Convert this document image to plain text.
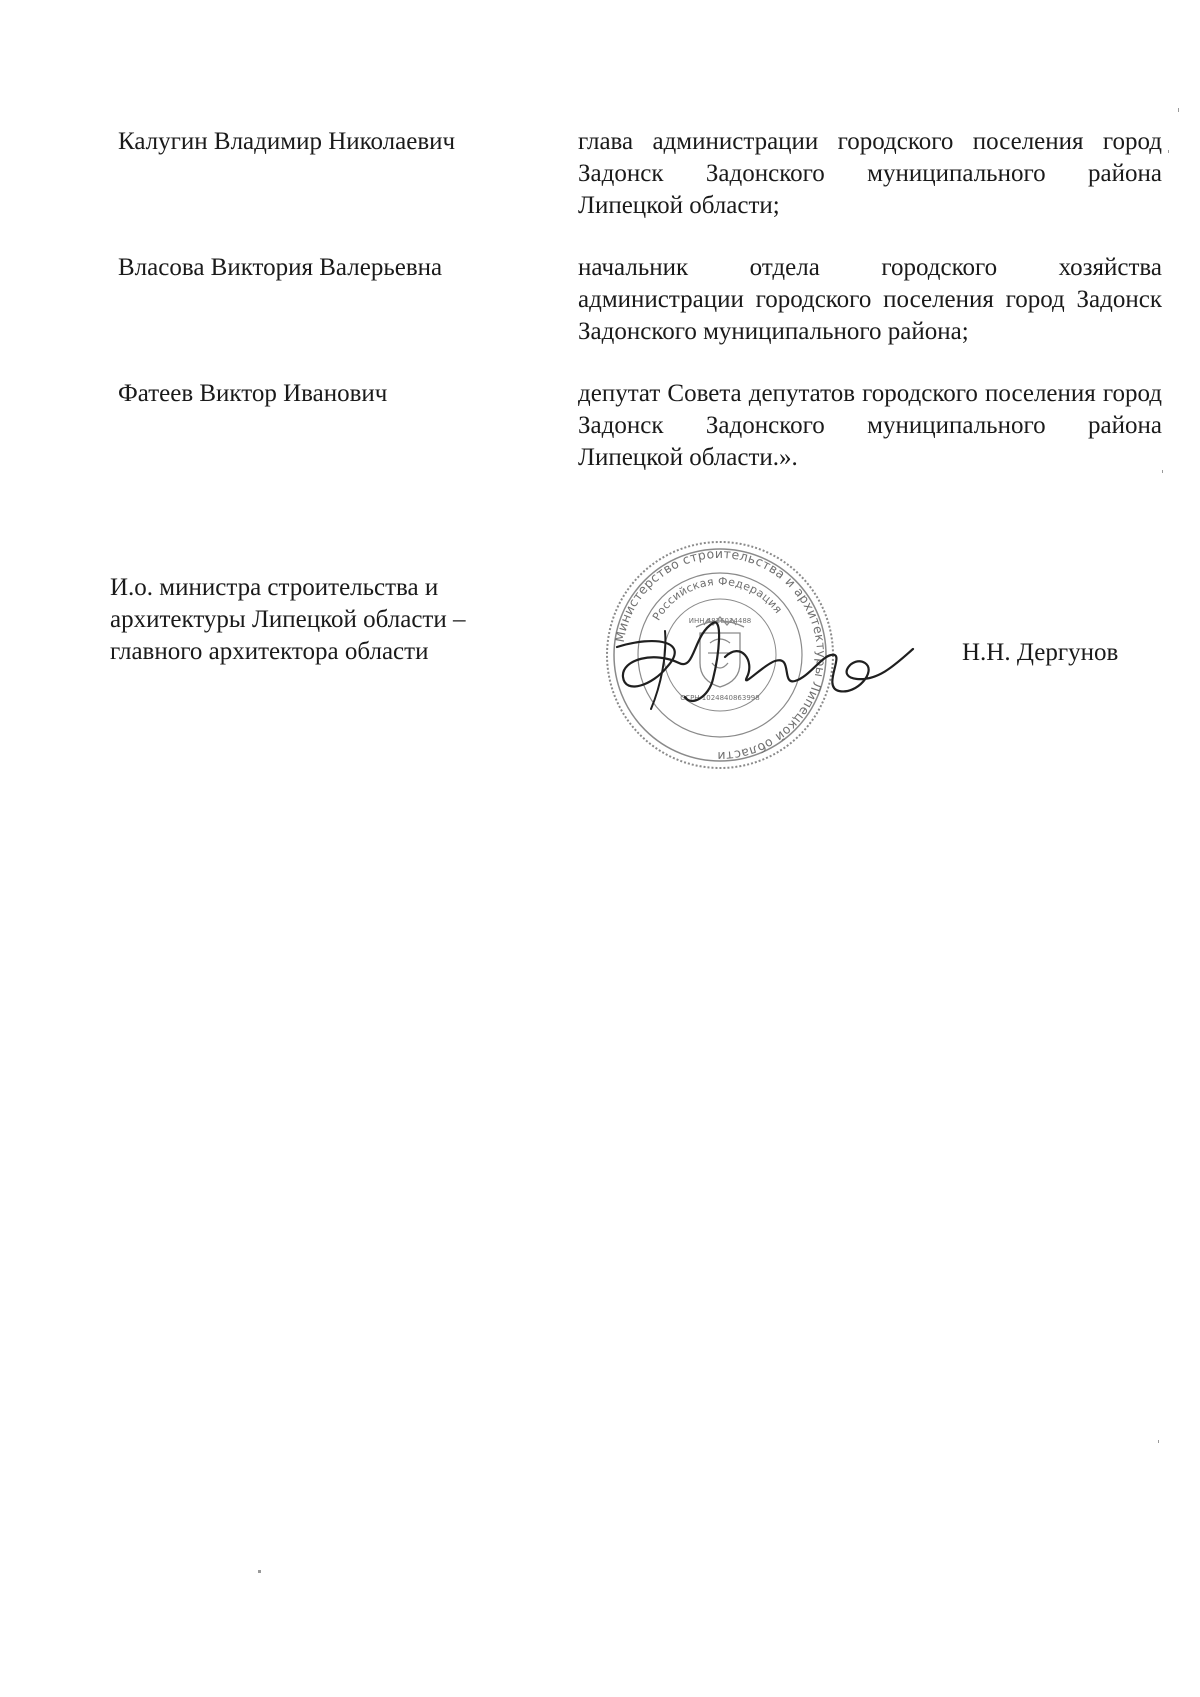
Калугин Владимир Николаевич	глава администрации городского поселения город Задонск Задонского муниципального района Липецкой области;
Власова Виктория Валерьевна	начальник отдела городского хозяйства администрации городского поселения город Задонск Задонского муниципального района;
Фатеев Виктор Иванович	депутат Совета депутатов городского поселения город Задонск Задонского муниципального района Липецкой области.».
И.о. министра строительства и архитектуры Липецкой области – главного архитектора области
Министерство строительства и архитектуры Липецкой области
Российская Федерация
ИНН 4826014488
ОГРН 1024840863998
Н.Н. Дергунов
